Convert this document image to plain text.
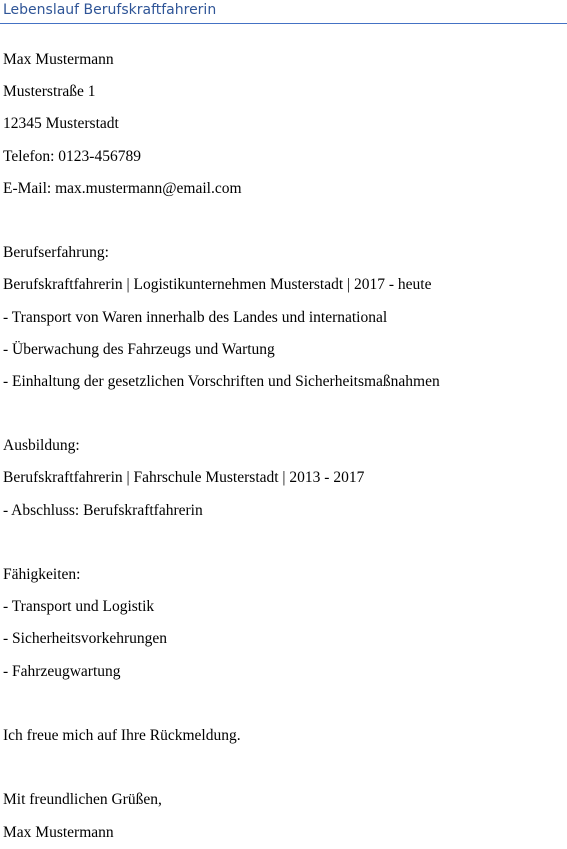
Lebenslauf Berufskraftfahrerin
Max Mustermann
Musterstraße 1
12345 Musterstadt
Telefon: 0123-456789
E-Mail: max.mustermann@email.com
Berufserfahrung:
Berufskraftfahrerin | Logistikunternehmen Musterstadt | 2017 - heute
- Transport von Waren innerhalb des Landes und international
- Überwachung des Fahrzeugs und Wartung
- Einhaltung der gesetzlichen Vorschriften und Sicherheitsmaßnahmen
Ausbildung:
Berufskraftfahrerin | Fahrschule Musterstadt | 2013 - 2017
- Abschluss: Berufskraftfahrerin
Fähigkeiten:
- Transport und Logistik
- Sicherheitsvorkehrungen
- Fahrzeugwartung
Ich freue mich auf Ihre Rückmeldung.
Mit freundlichen Grüßen,
Max Mustermann
